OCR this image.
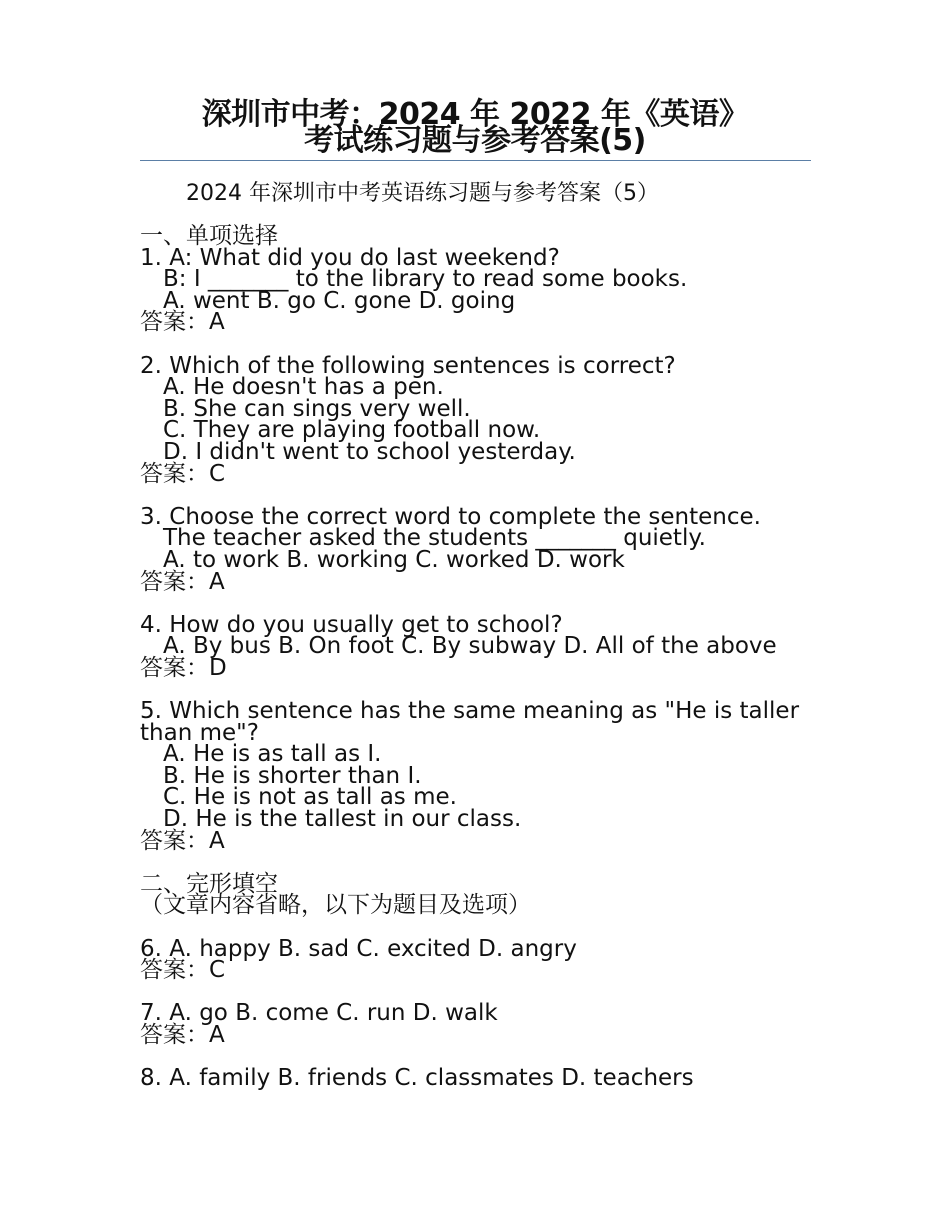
深圳市中考：2024 年 2022 年《英语》
考试练习题与参考答案(5)
2024 年深圳市中考英语练习题与参考答案（5）
一、单项选择
1. A: What did you do last weekend?
B: I _______ to the library to read some books.
A. went B. go C. gone D. going
答案：A
2. Which of the following sentences is correct?
A. He doesn't has a pen.
B. She can sings very well.
C. They are playing football now.
D. I didn't went to school yesterday.
答案：C
3. Choose the correct word to complete the sentence.
The teacher asked the students _______ quietly.
A. to work B. working C. worked D. work
答案：A
4. How do you usually get to school?
A. By bus B. On foot C. By subway D. All of the above
答案：D
5. Which sentence has the same meaning as "He is taller than me"?
A. He is as tall as I.
B. He is shorter than I.
C. He is not as tall as me.
D. He is the tallest in our class.
答案：A
二、完形填空
（文章内容省略，以下为题目及选项）
6. A. happy B. sad C. excited D. angry
答案：C
7. A. go B. come C. run D. walk
答案：A
8. A. family B. friends C. classmates D. teachers
